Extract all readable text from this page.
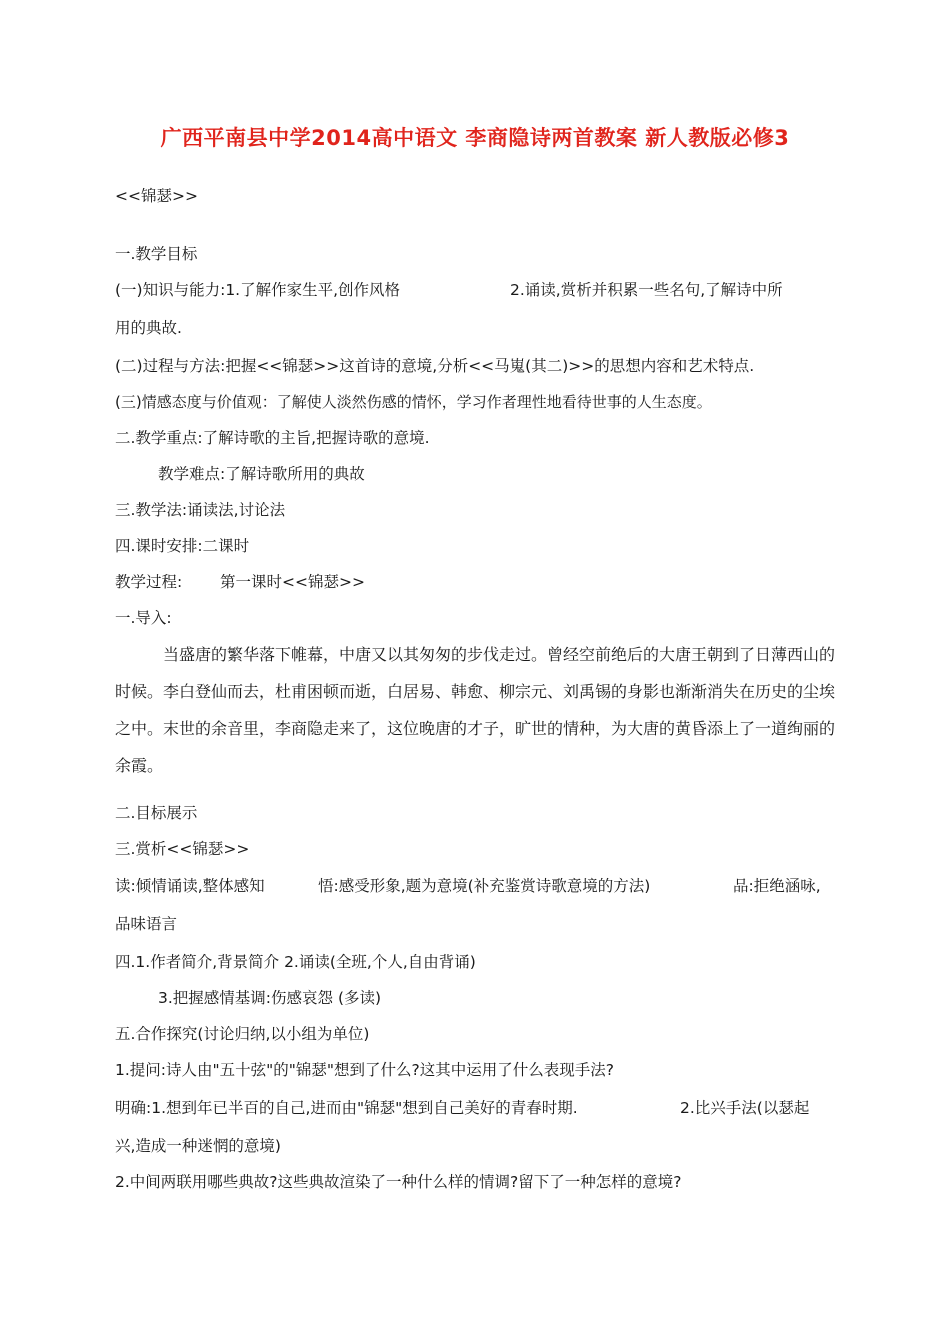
广西平南县中学2014高中语文 李商隐诗两首教案 新人教版必修3
<<锦瑟>>
一.教学目标
(一)知识与能力:1.了解作家生平,创作风格	2.诵读,赏析并积累一些名句,了解诗中所
用的典故.
(二)过程与方法:把握<<锦瑟>>这首诗的意境,分析<<马嵬(其二)>>的思想内容和艺术特点.
(三)情感态度与价值观：了解使人淡然伤感的情怀，学习作者理性地看待世事的人生态度。
二.教学重点:了解诗歌的主旨,把握诗歌的意境.
教学难点:了解诗歌所用的典故
三.教学法:诵读法,讨论法
四.课时安排:二课时
教学过程: 第一课时<<锦瑟>>
一.导入:
当盛唐的繁华落下帷幕，中唐又以其匆匆的步伐走过。曾经空前绝后的大唐王朝到了日薄西山的时候。李白登仙而去，杜甫困顿而逝，白居易、韩愈、柳宗元、刘禹锡的身影也渐渐消失在历史的尘埃之中。末世的余音里，李商隐走来了，这位晚唐的才子，旷世的情种，为大唐的黄昏添上了一道绚丽的余霞。
二.目标展示
三.赏析<<锦瑟>>
读:倾情诵读,整体感知	悟:感受形象,题为意境(补充鉴赏诗歌意境的方法)	品:拒绝涵咏,
品味语言
四.1.作者简介,背景简介 2.诵读(全班,个人,自由背诵)
3.把握感情基调:伤感哀怨 (多读)
五.合作探究(讨论归纳,以小组为单位)
1.提问:诗人由"五十弦"的"锦瑟"想到了什么?这其中运用了什么表现手法?
明确:1.想到年已半百的自己,进而由"锦瑟"想到自己美好的青春时期.	2.比兴手法(以瑟起
兴,造成一种迷惘的意境)
2.中间两联用哪些典故?这些典故渲染了一种什么样的情调?留下了一种怎样的意境?
